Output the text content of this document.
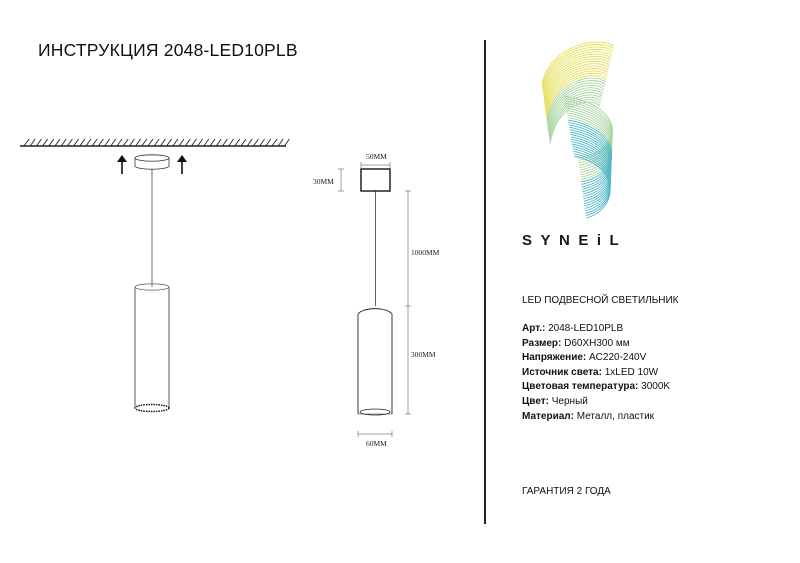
ИНСТРУКЦИЯ 2048-LED10PLB
50MM
30MM
1000MM
300MM
60MM
SYNEiL
LED ПОДВЕСНОЙ СВЕТИЛЬНИК
Арт.: 2048-LED10PLB
Размер: D60XH300 мм
Напряжение: AC220-240V
Источник света: 1xLED 10W
Цветовая температура: 3000K
Цвет: Черный
Материал: Металл, пластик
ГАРАНТИЯ 2 ГОДА
